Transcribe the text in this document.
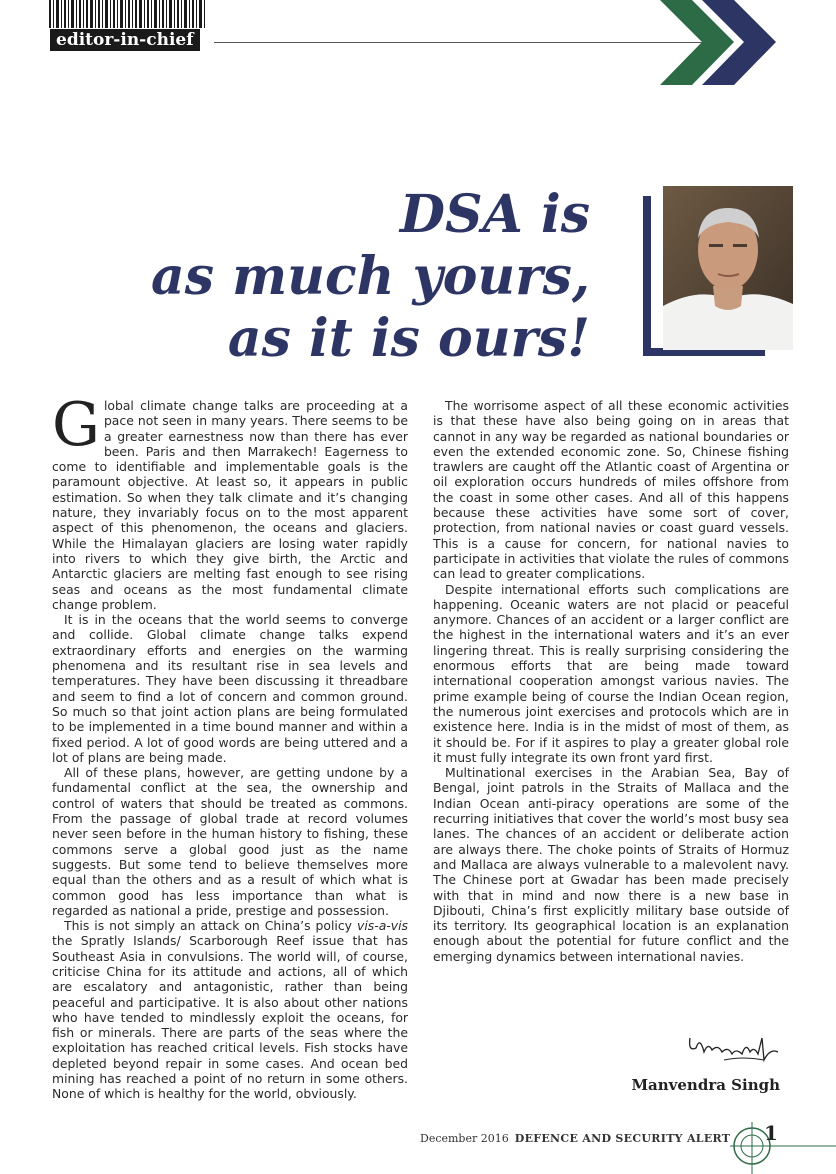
editor-in-chief
DSA is
as much yours,
as it is ours!

Global climate change talks are proceeding at a pace not seen in many years. There seems to be a greater earnestness now than there has ever been. Paris and then Marrakech! Eagerness to come to identifiable and implementable goals is the paramount objective. At least so, it appears in public estimation. So when they talk climate and it’s changing nature, they invariably focus on to the most apparent aspect of this phenomenon, the oceans and glaciers. While the Himalayan glaciers are losing water rapidly into rivers to which they give birth, the Arctic and Antarctic glaciers are melting fast enough to see rising seas and oceans as the most fundamental climate change problem.

It is in the oceans that the world seems to converge and collide. Global climate change talks expend extraordinary efforts and energies on the warming phenomena and its resultant rise in sea levels and temperatures. They have been discussing it threadbare and seem to find a lot of concern and common ground. So much so that joint action plans are being formulated to be implemented in a time bound manner and within a fixed period. A lot of good words are being uttered and a lot of plans are being made.

All of these plans, however, are getting undone by a fundamental conflict at the sea, the ownership and control of waters that should be treated as commons. From the passage of global trade at record volumes never seen before in the human history to fishing, these commons serve a global good just as the name suggests. But some tend to believe themselves more equal than the others and as a result of which what is common good has less importance than what is regarded as national a pride, prestige and possession.

This is not simply an attack on China’s policy vis-a-vis the Spratly Islands/ Scarborough Reef issue that has Southeast Asia in convulsions. The world will, of course, criticise China for its attitude and actions, all of which are escalatory and antagonistic, rather than being peaceful and participative. It is also about other nations who have tended to mindlessly exploit the oceans, for fish or minerals. There are parts of the seas where the exploitation has reached critical levels. Fish stocks have depleted beyond repair in some cases. And ocean bed mining has reached a point of no return in some others. None of which is healthy for the world, obviously.

The worrisome aspect of all these economic activities is that these have also being going on in areas that cannot in any way be regarded as national boundaries or even the extended economic zone. So, Chinese fishing trawlers are caught off the Atlantic coast of Argentina or oil exploration occurs hundreds of miles offshore from the coast in some other cases. And all of this happens because these activities have some sort of cover, protection, from national navies or coast guard vessels. This is a cause for concern, for national navies to participate in activities that violate the rules of commons can lead to greater complications.

Despite international efforts such complications are happening. Oceanic waters are not placid or peaceful anymore. Chances of an accident or a larger conflict are the highest in the international waters and it’s an ever lingering threat. This is really surprising considering the enormous efforts that are being made toward international cooperation amongst various navies. The prime example being of course the Indian Ocean region, the numerous joint exercises and protocols which are in existence here. India is in the midst of most of them, as it should be. For if it aspires to play a greater global role it must fully integrate its own front yard first.

Multinational exercises in the Arabian Sea, Bay of Bengal, joint patrols in the Straits of Mallaca and the Indian Ocean anti-piracy operations are some of the recurring initiatives that cover the world’s most busy sea lanes. The chances of an accident or deliberate action are always there. The choke points of Straits of Hormuz and Mallaca are always vulnerable to a malevolent navy. The Chinese port at Gwadar has been made precisely with that in mind and now there is a new base in Djibouti, China’s first explicitly military base outside of its territory. Its geographical location is an explanation enough about the potential for future conflict and the emerging dynamics between international navies.

Manvendra Singh
December 2016 DEFENCE AND SECURITY ALERT 1
